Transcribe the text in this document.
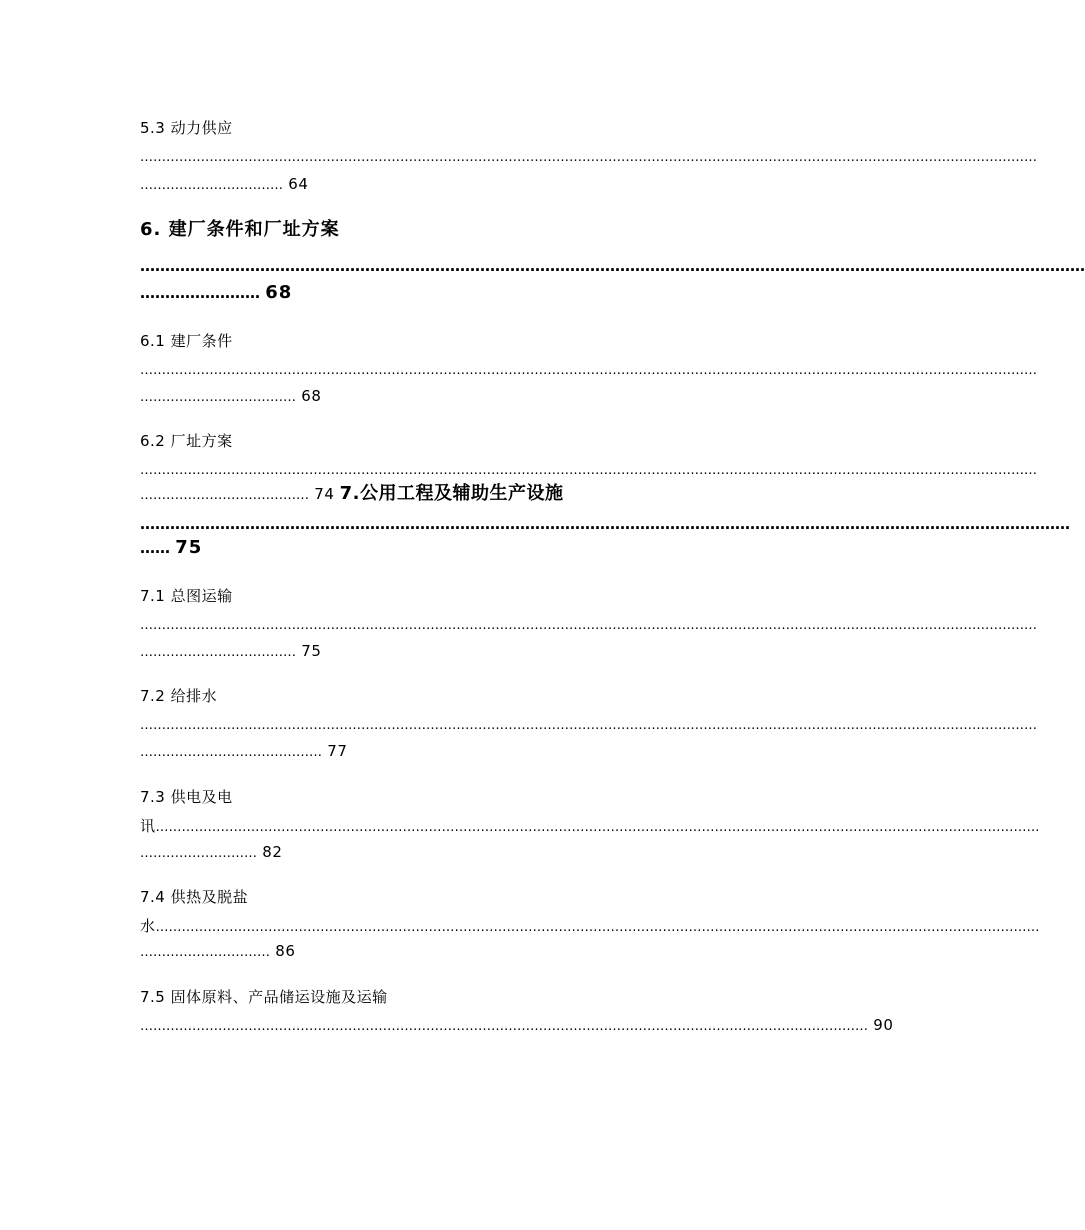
5.3 动力供应
………………………………………………………………………………………………………………………………………………………………………………………
…………………………… 64
6. 建厂条件和厂址方案
………………………………………………………………………………………………………………………………………………………………………
…………………… 68
6.1 建厂条件
………………………………………………………………………………………………………………………………………………………………………………………
……………………………… 68
6.2 厂址方案
………………………………………………………………………………………………………………………………………………………………………………………
………………………………… 74 7.公用工程及辅助生产设施
……………………………………………………………………………………………………………………………………………………………………
…… 75
7.1 总图运输
………………………………………………………………………………………………………………………………………………………………………………………
……………………………… 75
7.2 给排水
………………………………………………………………………………………………………………………………………………………………………………………
…………………………………… 77
7.3 供电及电
讯……………………………………………………………………………………………………………………………………………………………………………………
……………………… 82
7.4 供热及脱盐
水……………………………………………………………………………………………………………………………………………………………………………………
………………………… 86
7.5 固体原料、产品储运设施及运输
…………………………………………………………………………………………………………………………………………………… 90
